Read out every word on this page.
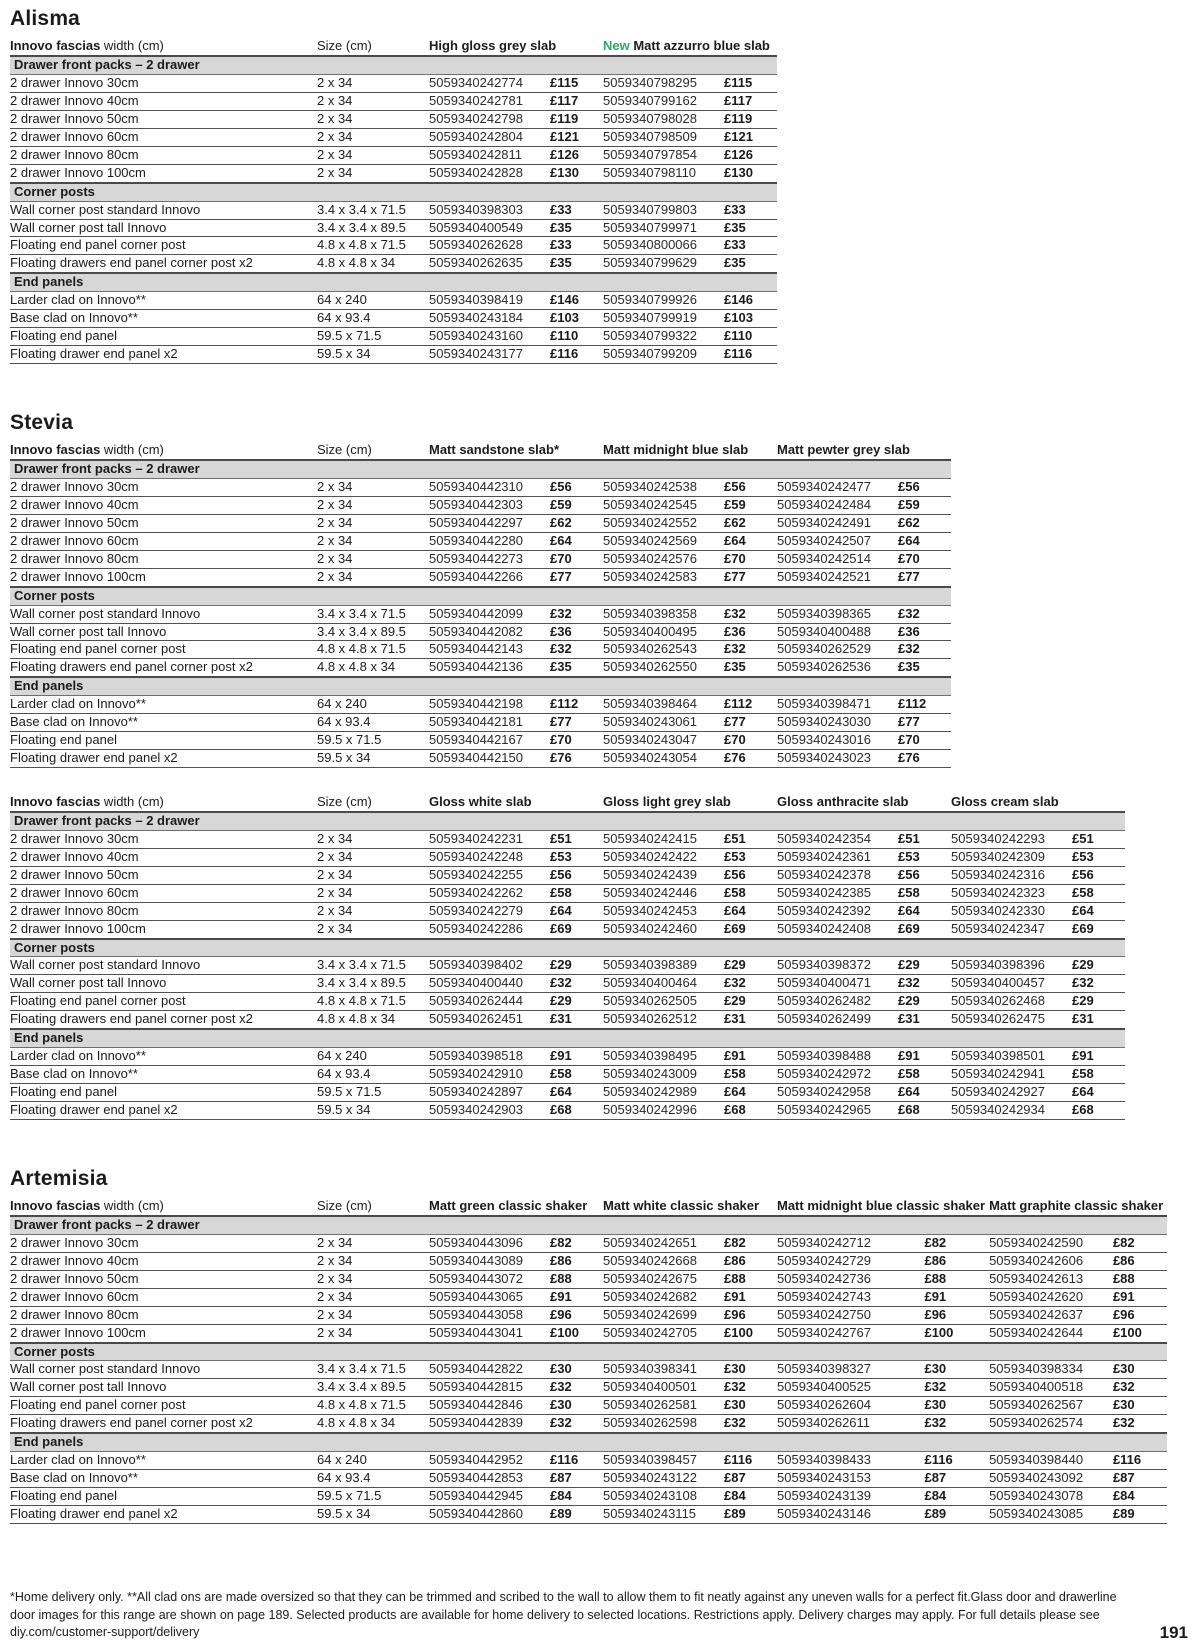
Alisma
Innovo fascias width (cm)	Size (cm)	High gloss grey slab		New Matt azzurro blue slab	
Drawer front packs – 2 drawer					
2 drawer Innovo 30cm	2 x 34	5059340242774	£115	5059340798295	£115
2 drawer Innovo 40cm	2 x 34	5059340242781	£117	5059340799162	£117
2 drawer Innovo 50cm	2 x 34	5059340242798	£119	5059340798028	£119
2 drawer Innovo 60cm	2 x 34	5059340242804	£121	5059340798509	£121
2 drawer Innovo 80cm	2 x 34	5059340242811	£126	5059340797854	£126
2 drawer Innovo 100cm	2 x 34	5059340242828	£130	5059340798110	£130
Corner posts					
Wall corner post standard Innovo	3.4 x 3.4 x 71.5	5059340398303	£33	5059340799803	£33
Wall corner post tall Innovo	3.4 x 3.4 x 89.5	5059340400549	£35	5059340799971	£35
Floating end panel corner post	4.8 x 4.8 x 71.5	5059340262628	£33	5059340800066	£33
Floating drawers end panel corner post x2	4.8 x 4.8 x 34	5059340262635	£35	5059340799629	£35
End panels					
Larder clad on Innovo**	64 x 240	5059340398419	£146	5059340799926	£146
Base clad on Innovo**	64 x 93.4	5059340243184	£103	5059340799919	£103
Floating end panel	59.5 x 71.5	5059340243160	£110	5059340799322	£110
Floating drawer end panel x2	59.5 x 34	5059340243177	£116	5059340799209	£116
Stevia
Innovo fascias width (cm)	Size (cm)	Matt sandstone slab*		Matt midnight blue slab		Matt pewter grey slab	
Drawer front packs – 2 drawer							
2 drawer Innovo 30cm	2 x 34	5059340442310	£56	5059340242538	£56	5059340242477	£56
2 drawer Innovo 40cm	2 x 34	5059340442303	£59	5059340242545	£59	5059340242484	£59
2 drawer Innovo 50cm	2 x 34	5059340442297	£62	5059340242552	£62	5059340242491	£62
2 drawer Innovo 60cm	2 x 34	5059340442280	£64	5059340242569	£64	5059340242507	£64
2 drawer Innovo 80cm	2 x 34	5059340442273	£70	5059340242576	£70	5059340242514	£70
2 drawer Innovo 100cm	2 x 34	5059340442266	£77	5059340242583	£77	5059340242521	£77
Corner posts							
Wall corner post standard Innovo	3.4 x 3.4 x 71.5	5059340442099	£32	5059340398358	£32	5059340398365	£32
Wall corner post tall Innovo	3.4 x 3.4 x 89.5	5059340442082	£36	5059340400495	£36	5059340400488	£36
Floating end panel corner post	4.8 x 4.8 x 71.5	5059340442143	£32	5059340262543	£32	5059340262529	£32
Floating drawers end panel corner post x2	4.8 x 4.8 x 34	5059340442136	£35	5059340262550	£35	5059340262536	£35
End panels							
Larder clad on Innovo**	64 x 240	5059340442198	£112	5059340398464	£112	5059340398471	£112
Base clad on Innovo**	64 x 93.4	5059340442181	£77	5059340243061	£77	5059340243030	£77
Floating end panel	59.5 x 71.5	5059340442167	£70	5059340243047	£70	5059340243016	£70
Floating drawer end panel x2	59.5 x 34	5059340442150	£76	5059340243054	£76	5059340243023	£76
Innovo fascias width (cm)	Size (cm)	Gloss white slab		Gloss light grey slab		Gloss anthracite slab		Gloss cream slab	
Drawer front packs – 2 drawer									
2 drawer Innovo 30cm	2 x 34	5059340242231	£51	5059340242415	£51	5059340242354	£51	5059340242293	£51
2 drawer Innovo 40cm	2 x 34	5059340242248	£53	5059340242422	£53	5059340242361	£53	5059340242309	£53
2 drawer Innovo 50cm	2 x 34	5059340242255	£56	5059340242439	£56	5059340242378	£56	5059340242316	£56
2 drawer Innovo 60cm	2 x 34	5059340242262	£58	5059340242446	£58	5059340242385	£58	5059340242323	£58
2 drawer Innovo 80cm	2 x 34	5059340242279	£64	5059340242453	£64	5059340242392	£64	5059340242330	£64
2 drawer Innovo 100cm	2 x 34	5059340242286	£69	5059340242460	£69	5059340242408	£69	5059340242347	£69
Corner posts									
Wall corner post standard Innovo	3.4 x 3.4 x 71.5	5059340398402	£29	5059340398389	£29	5059340398372	£29	5059340398396	£29
Wall corner post tall Innovo	3.4 x 3.4 x 89.5	5059340400440	£32	5059340400464	£32	5059340400471	£32	5059340400457	£32
Floating end panel corner post	4.8 x 4.8 x 71.5	5059340262444	£29	5059340262505	£29	5059340262482	£29	5059340262468	£29
Floating drawers end panel corner post x2	4.8 x 4.8 x 34	5059340262451	£31	5059340262512	£31	5059340262499	£31	5059340262475	£31
End panels									
Larder clad on Innovo**	64 x 240	5059340398518	£91	5059340398495	£91	5059340398488	£91	5059340398501	£91
Base clad on Innovo**	64 x 93.4	5059340242910	£58	5059340243009	£58	5059340242972	£58	5059340242941	£58
Floating end panel	59.5 x 71.5	5059340242897	£64	5059340242989	£64	5059340242958	£64	5059340242927	£64
Floating drawer end panel x2	59.5 x 34	5059340242903	£68	5059340242996	£68	5059340242965	£68	5059340242934	£68
Artemisia
Innovo fascias width (cm)	Size (cm)	Matt green classic shaker		Matt white classic shaker		Matt midnight blue classic shaker		Matt graphite classic shaker	
Drawer front packs – 2 drawer									
2 drawer Innovo 30cm	2 x 34	5059340443096	£82	5059340242651	£82	5059340242712	£82	5059340242590	£82
2 drawer Innovo 40cm	2 x 34	5059340443089	£86	5059340242668	£86	5059340242729	£86	5059340242606	£86
2 drawer Innovo 50cm	2 x 34	5059340443072	£88	5059340242675	£88	5059340242736	£88	5059340242613	£88
2 drawer Innovo 60cm	2 x 34	5059340443065	£91	5059340242682	£91	5059340242743	£91	5059340242620	£91
2 drawer Innovo 80cm	2 x 34	5059340443058	£96	5059340242699	£96	5059340242750	£96	5059340242637	£96
2 drawer Innovo 100cm	2 x 34	5059340443041	£100	5059340242705	£100	5059340242767	£100	5059340242644	£100
Corner posts									
Wall corner post standard Innovo	3.4 x 3.4 x 71.5	5059340442822	£30	5059340398341	£30	5059340398327	£30	5059340398334	£30
Wall corner post tall Innovo	3.4 x 3.4 x 89.5	5059340442815	£32	5059340400501	£32	5059340400525	£32	5059340400518	£32
Floating end panel corner post	4.8 x 4.8 x 71.5	5059340442846	£30	5059340262581	£30	5059340262604	£30	5059340262567	£30
Floating drawers end panel corner post x2	4.8 x 4.8 x 34	5059340442839	£32	5059340262598	£32	5059340262611	£32	5059340262574	£32
End panels									
Larder clad on Innovo**	64 x 240	5059340442952	£116	5059340398457	£116	5059340398433	£116	5059340398440	£116
Base clad on Innovo**	64 x 93.4	5059340442853	£87	5059340243122	£87	5059340243153	£87	5059340243092	£87
Floating end panel	59.5 x 71.5	5059340442945	£84	5059340243108	£84	5059340243139	£84	5059340243078	£84
Floating drawer end panel x2	59.5 x 34	5059340442860	£89	5059340243115	£89	5059340243146	£89	5059340243085	£89
*Home delivery only. **All clad ons are made oversized so that they can be trimmed and scribed to the wall to allow them to fit neatly against any uneven walls for a perfect fit.Glass door and drawerline door images for this range are shown on page 189. Selected products are available for home delivery to selected locations. Restrictions apply. Delivery charges may apply. For full details please see diy.com/customer-support/delivery	191
